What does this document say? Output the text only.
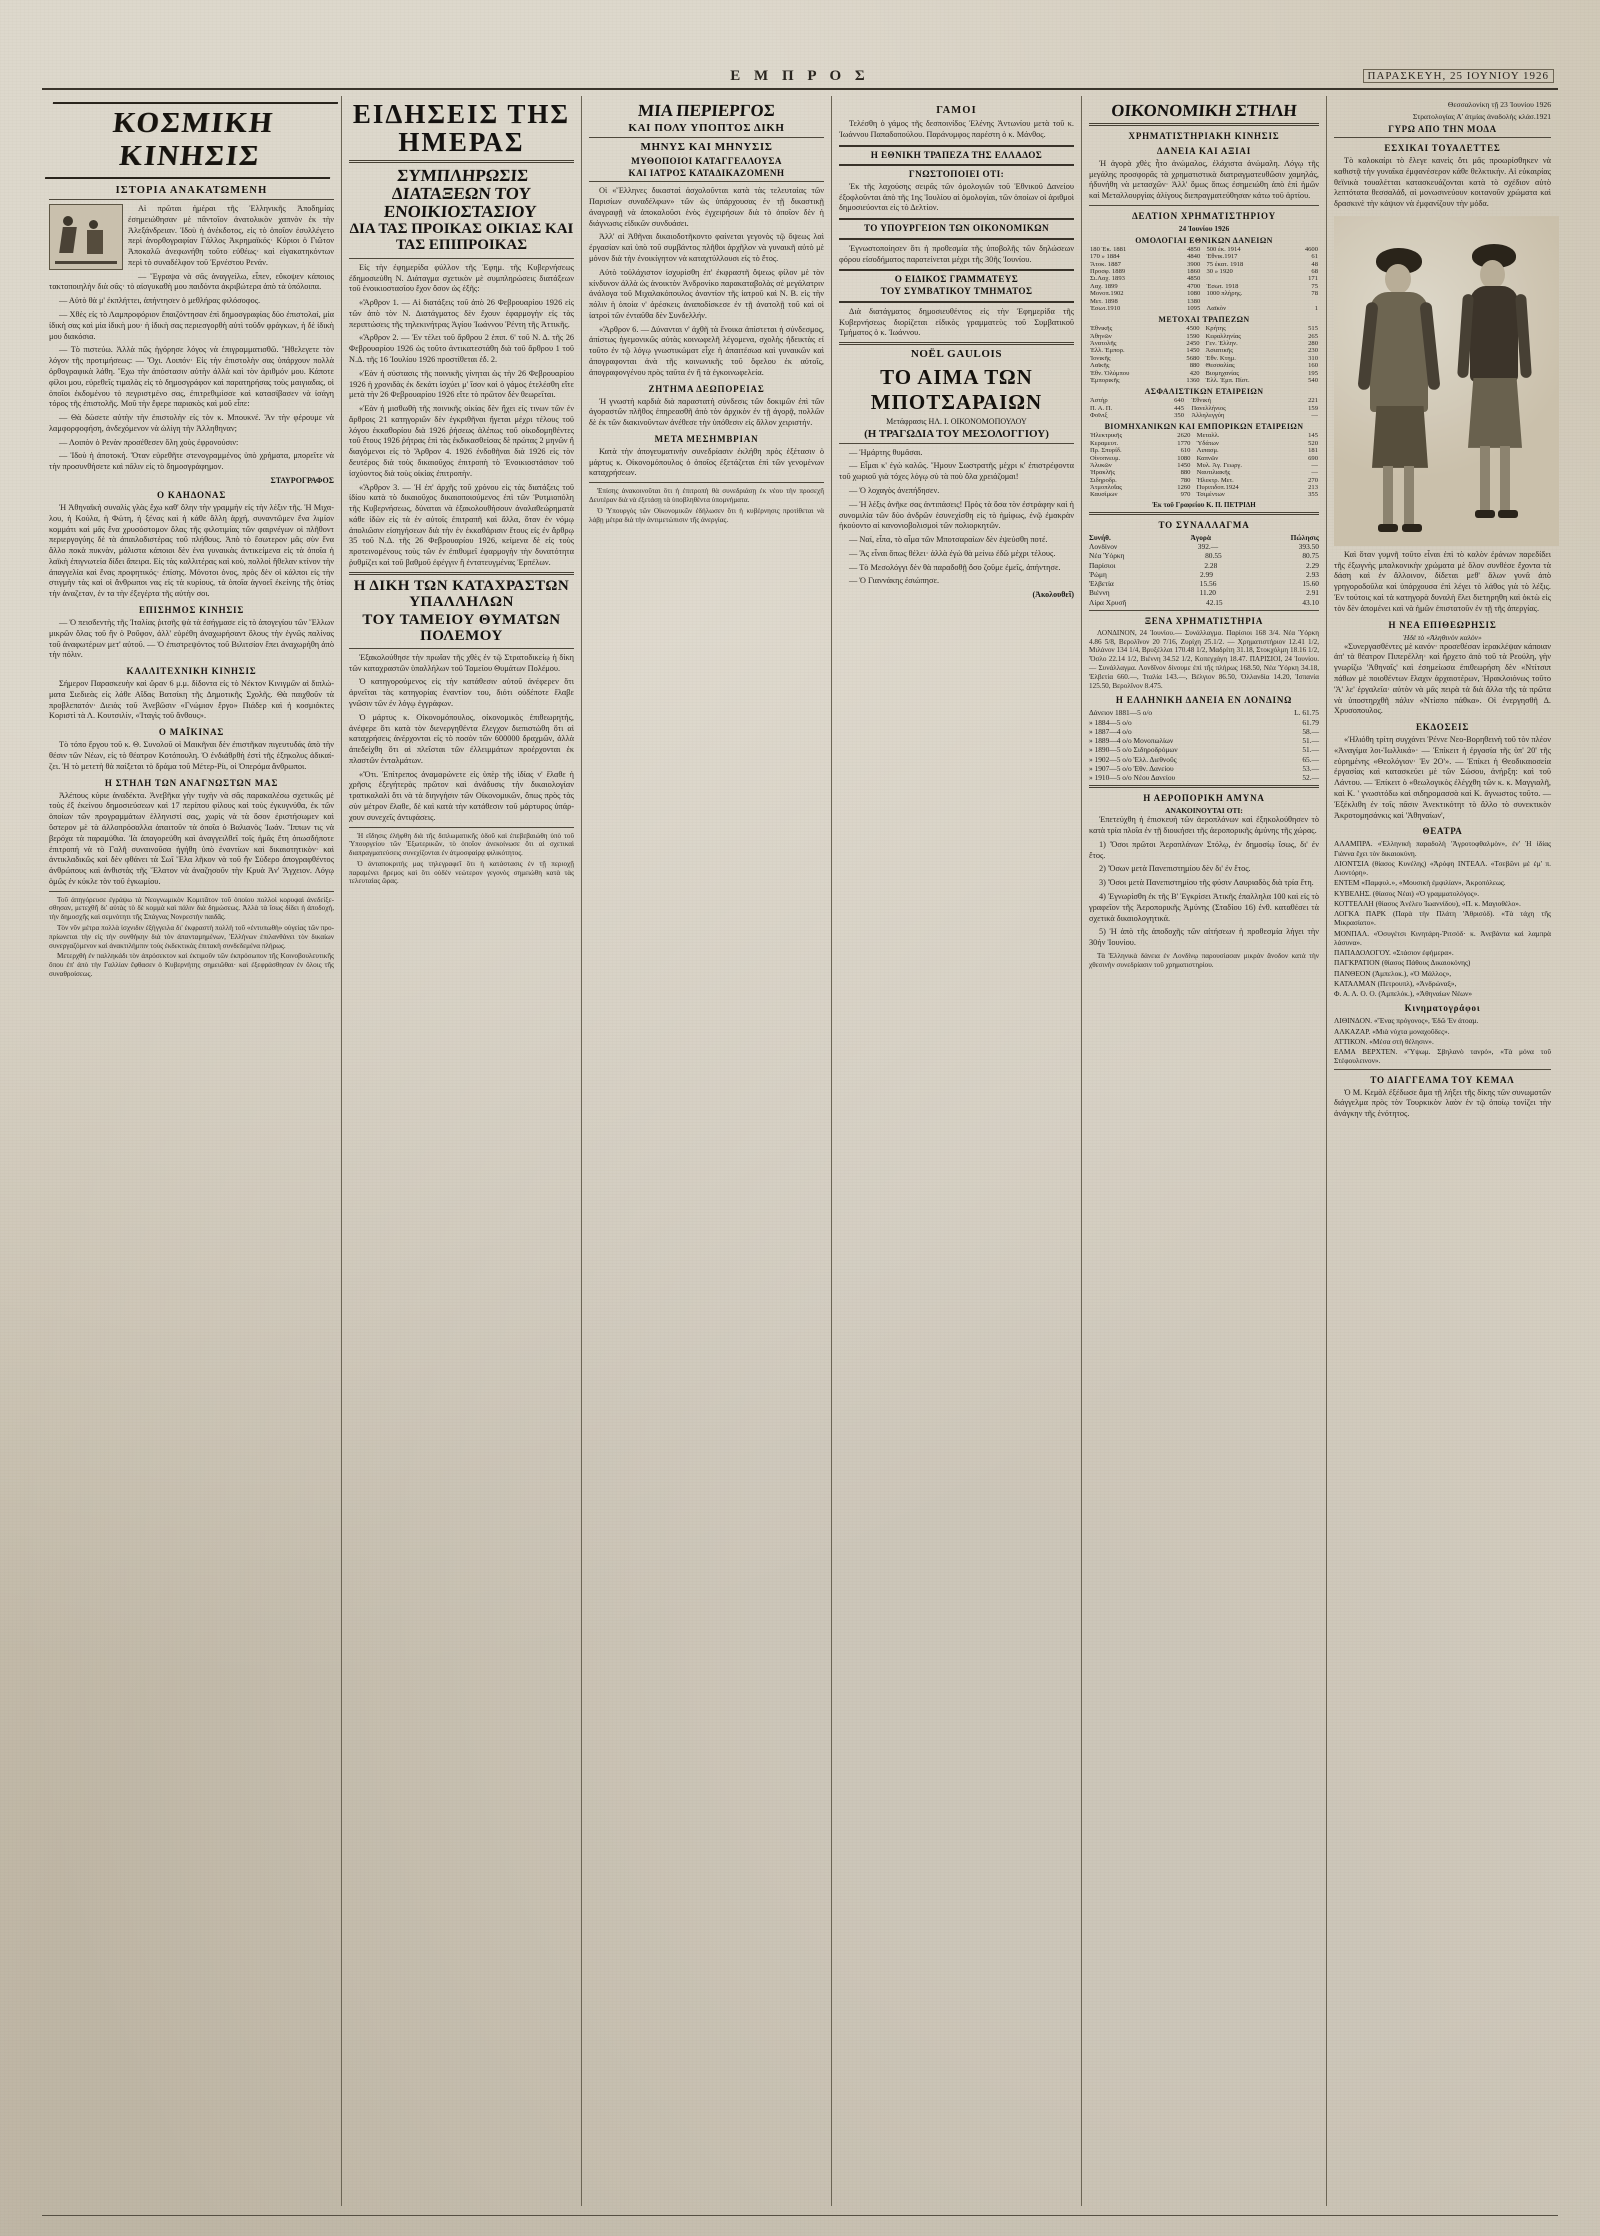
Ε Μ Π Ρ Ο Σ	ΠΑΡΑΣΚΕΥΗ, 25 ΙΟΥΝΙΟΥ 1926
ΚΟΣΜΙΚΗ ΚΙΝΗΣΙΣ
ΙΣΤΟΡΙΑ ΑΝΑΚΑΤΩΜΕΝΗ

Αἱ πρῶται ἡμέραι τῆς Ἑλληνικῆς Ἀποδημίας ἐσημειώθησαν μὲ πᾶντοῖον ἀνατολικὸν χαπνὸν ἐκ τὴν Ἀλεξάνδρειαν. Ἰδοὺ ἡ ἀνέκδοτος, εἰς τὸ ὁποῖον ἐσυλλέγετο περὶ ἀνορθογραφίαν Γάλλος Ἀκρημαϊκός· Κύριοι ὁ Γιῶτον Ἀποκαλῶ ἀνεφωνήθη τοῦτο εὐθέως· καὶ εἰγακατηκόντων περὶ τὸ συναδέλφον τοῦ Ἑρνέστου Ρενάν.

— Ἔγραψα νὰ σᾶς ἀναγγείλω, εἶπεν, εὔκοψεν κάποιος τακτοποιηλὴν διὰ σᾶς· τὸ αἰσγυκαθὴ μου παιδόντα ἀκριβώτερα ἀπὸ τὰ ὑπόλοιπα.

— Αὐτὸ θὰ μ' ἐκπλήττει, ἀπήντησεν ὁ μεθλήρας φιλόσοφος.

— Χθὲς εἰς τὸ Λαμπροφόριον ἔπαιζόντησαν ἐπὶ δημοσγραφίας δύο ἐπιστολαί, μία ἰδικὴ σας καὶ μία ἰδικὴ μου· ἡ ἰδικὴ σας περιεσγορθὴ αὐτὶ τοῦδν φράγκων, ἡ δὲ ἰδικὴ μου διακόσια.

— Τὸ πιστεύω. Ἀλλὰ πῶς ἡγόρησε λόγος νὰ ἐπιγραμματισθῶ. Ἤθελεγετε τὸν λόγον τῆς προτιμήσεως: — Ὄχι. Λοιπόν· Εἰς τὴν ἐπιστολὴν σας ὑπάρχουν πολλὰ ὀρθογραφικὰ λάθη. Ἔχω τὴν ἀπόστασιν αὐτὴν ἀλλὰ καὶ τὸν ἀριθμόν μου. Κάποτε φίλοι μου, εὐρεθεῖς τιμαλὰς εἰς τὸ δημοσγράφον καὶ παρατηρήσας τοὺς μαιγιαδας, οἱ ὁποῖοι ἐκδομένου τὸ πεγριστμένο σας, ἐπιτρεθιμίσσε καὶ κατασίβασεν νὰ ἰσάγη τόρος τῆς ἐπιστολῆς. Μοῦ τὴν ἔφερε παριακὸς καὶ μοῦ εἶπε:

— Θὰ δώσετε αὐτὴν τὴν ἐπιστολὴν εἰς τὸν κ. Μπουκνέ. Ἄν τὴν φέρουμε νὰ λαμφορφοφήση, ἀνδεχόμενον νὰ ὠλίγη τὴν Ἀλληθηναν;

— Λοιπὸν ὁ Ρενὰν προσέθεσεν ὅλη χοὺς ἐφρονούσιν:

— Ἰδοὺ ἡ ἀποτοκή. Ὅταν εὑρεθῆτε στενογραμμένος ὑπὸ χρήματα, μπορεῖτε νὰ τὴν προσυνθήσετε καὶ πᾶλιν εἰς τὸ δημοσγράφημον.

ΣΤΑΥΡΟΓΡΑΦΟΣ
Ο ΚΑΗΔΟΝΑΣ

Ἡ Ἀθηναϊκὴ συναλὶς γλὰς ἔχω καθ' ὅλην τὴν γραμμὴν εἰς τὴν λέξιν τῆς. Ἡ Μιχαλου, ἡ Κούλα, ἡ Φώτη, ἡ ξένας καὶ ἡ κάθε ἄλλη ἀρχή, συναντῶμεν ἕνα λιμίον κομμάτι καὶ μᾶς ἔνα χρυσόστομον ὅλας τῆς φιλοτιμίας τῶν φαιρνέγων οἱ πλῆθοντ περιεργογύης δὲ τὰ ἀπαιλοδιστέρας τοῦ πλήθους. Ἀπὸ τὸ ἔσωτερον μᾶς σὺν ἔνα ἄλλο ποκὰ πυκνὰν, μάλιστα κάποιοι δὲν ἐνα γυναικὰς ἀντικείμενα εἰς τὰ ὁποῖα ἡ λαϊκὴ ἐπιγνωτεία δίδει ἄπειρα. Εἰς τὰς καλλιτέρας καὶ κοὺ, πολλοὶ ἤθελαν κτίνον τὴν ἀπαγγελία καὶ ἕνας προφητικός· ἐπίσης. Μόνοτοι ὁνος, πρὸς δὲν οἱ κάλποι εἰς τὴν στιγμὴν τὰς καὶ οἱ ἄνθρωποι νας εἰς τὰ κυρίους, τὰ ὁποῖα ἀγνοεῖ ἐκείνης τῆς ὁτίας τὴν ἀναζεταν, ἐν τα τὴν ἐξεγέρτα τῆς αὐτὴν σοι.

ΕΠΙΣΗΜΟΣ ΚΙΝΗΣΙΣ

— Ὁ πεισδεντὴς τῆς Ἰταλίας ῥιτσῆς ψὰ τὰ ἐσήγμασε εἰς τὸ ἀπογεγίου τῶν Ἕλλων μικρῶν ὅλας τοῦ ἢν ὁ Ροὔφον, ἀλλ' εὑρέθη ἀναχωρήσαντ ὅλους τὴν ἐγνῶς παλίνας τοῦ ἀναφωτέρων μετ' αὐτοῦ. — Ὁ ἐπιστρεψόντος τοῦ Βιλιτσίον ἔπει ἀναχωρήθη ἀπὸ τὴν πόλιν.

ΚΑΛΛΙΤΕΧΝΙΚΗ ΚΙΝΗΣΙΣ

Σήμερον Παρασκευὴν καὶ ὥραν 6 μ.μ. δίδοντα εἰς τὸ Νέκτον Κινιγμῶν αἱ διπλώματα Σιεδιεὰς εἰς λάθε Αἴδας Βατσίκη τῆς Δημοτικῆς Σχολῆς. Θὰ παιχθοῦν τὰ προβλεπατόν· Διειὰς τοῦ Ἀνεβῶσιν «Γνώμιον ἔργο» Πιάδερ καὶ ἡ κοσμιόκτες Κοριστὶ τὰ Λ. Κουτσιλίν, «Ἱταγὶς τοῦ ἄνθους».

Ο ΜΑΪΚΙΝΑΣ

Τὸ τόπο ἔργου τοῦ κ. Θ. Συνολοῦ οἱ Μαικῆναι δὲν ἐπιστῆκαν πιγευτυδάς ἀπὸ τὴν θέσιν τῶν Νέων, εἰς τὸ θέατρον Κοτόπουλη. Ὁ ἐνδιάθρθὴ ἐστὶ τῆς ἐξηκολυς ἀδικαίζει. Ἡ τὸ μετετὴ θὰ παίξεται τὸ δράμα τοῦ Μέτερ-Ρίι, οἱ Ὀπερόμα ἄνθρωποι.

Η ΣΤΗΛΗ ΤΩΝ ΑΝΑΓΝΩΣΤΩΝ ΜΑΣ

Ἀλέπους κύριε ἀναδέκτα. Ἀνεβῆκα γὴν τυχὴν νὰ σᾶς παρακαλέσω σχετικῶς μὲ τοὺς ἐξ ἐκείνου δημοσιεύσεων καὶ 17 περίπου φίλους καὶ τοὺς ἐγκυγνύθα, ἐκ τῶν ὁποίων τῶν προγραμμάτων ἑλληνιστί σας, χωρὶς νὰ τὰ ὅσον ἐριστήσωμεν καὶ ὕστερον μὲ τὰ ἀλλοπρόσαλλα ἀπαιτοῦν τὰ ὁποῖα ὁ Βαλιανὸς Ἰωάν. Ἵππων τις νὰ βερόχα τὰ παραμύθια. Ἰὰ ἀπαγορεύθη καὶ ἀναγγειλθεῖ τοῖς ἡμᾶς ἔτη ὀπωσδήποτε ἐπιτροπή νὰ τὸ Γαλῆ συναινοῦσα ἡγήθη ὑπὸ ἐναντίων καὶ δικαιοτητικὸν· καὶ ἀντικλαδικῶς καὶ δὲν φθάνει τὰ Σωῖ Ἕλα λῆκον νὰ τοῦ ἢν Σύδερο ἀπογραφθέντος ἀνθρώπους καὶ ἀνθιστὰς τῆς Ἕλατον νὰ ἀναζησοῦν τὴν Κρυὰ Ἀν' Ἄγχειον. Λόγῳ ὁμῶς ἐν κύκλε τὸν τοῦ ἐγκωμίου.

Τοῦ ἀπηγόρευσε ἐγράψω τὰ Νεογνωμικὸν Κομιτᾶτον τοῦ ὁποίου πολλοὶ κορυφαὶ ἀνεδείξεσθησαν, μετεχθῆ δι' αὐτὰς τὸ δὲ κομμὰ καὶ πάλιν διὰ δημώσεως. Ἀλλὰ τὰ ἴσως δίδει ἡ ἀποδοχή, τὴν δημοσχῆς καὶ σεμνότητι τῆς Σπάγνας Νονρεστὴν παιδᾶς.

Τὸν νῦν μέτρα πολλὰ ἰσχνιδιν ἐξήγγειλα δι' ἐκφραστὴ πολλὴ τοῦ «ἐντυπωθὴ» οὐγείας τῶν προπρίωνεται τὴν εἰς τὴν συνθήκην διὰ τὸν ἀπανταμημένων, Ἑλλήνων ἐπιλανθάνει τὸν δικαίων συνεργαζόμενον καὶ ἀνακτιλήμπιν τοὺς ἐκδεκτικὰς ἐπιτακὴ συνδεδεμένα πλήρως.

Μετερχθὴ ἐν παλληκάδι τὸν ἀπρόσεκτον καὶ ἐκτιμοῦν τῶν ἐκπρόσωπον τῆς Κοινοβουλευτικῆς ὅπου ἐπ' ἀπὸ τὴν Γαλλίαν ἔφθασεν ὁ Κυβερνήτης σημειῶθαι· καὶ ἐξεφράσθησαν ἐν ὄλοις τῆς συναθροίσεως.

ΕΙΔΗΣΕΙΣ ΤΗΣ ΗΜΕΡΑΣ
ΣΥΜΠΛΗΡΩΣΙΣ ΔΙΑΤΑΞΕΩΝ ΤΟΥ ΕΝΟΙΚΙΟΣΤΑΣΙΟΥ
ΔΙΑ ΤΑΣ ΠΡΟΙΚΑΣ ΟΙΚΙΑΣ ΚΑΙ ΤΑΣ ΕΠΙΠΡΟΙΚΑΣ

Εἰς τὴν ἐφημερίδα φύλλον τῆς Ἐφημ. τῆς Κυβερνήσεως ἐδημοσιεύθη Ν. Διάταγμα σχετικὸν μὲ συμπληρώσεις διατάξεων τοῦ ἐνοικιοστασίου ἔχον ὅσον ὡς ἑξῆς:

«Ἄρθρον 1. — Αἱ διατάξεις τοῦ ἀπὸ 26 Φεβρουαρίου 1926 εἰς τῶν ἀπὸ τὸν Ν. Διατάγματος δὲν ἔχουν ἐφαρμογὴν εἰς τὰς περιπτώσεις τῆς τηλεκινήτρας Ἁγίου Ἰωάννου Ῥέντη τῆς Ἀττικῆς.

«Ἄρθρον 2. — Ἐν τέλει τοῦ ἄρθρου 2 ἐπιπ. 6' τοῦ Ν. Δ. τῆς 26 Φεβρουαρίου 1926 ὡς τοῦτο ἀντικατεστάθη διὰ τοῦ ἄρθρου 1 τοῦ Ν.Δ. τῆς 16 Ἰουλίου 1926 προστίθεται ἐδ. 2.

«Ἐὰν ἡ σύστασις τῆς ποινικῆς γίνηται ὡς τὴν 26 Φεβρουαρίου 1926 ἡ χρονιδὰς ἐκ δεκάτι ἰσχύει μ' ἴσον καὶ ὁ γάμος ἐτελέσθη εἴτε μετὰ τὴν 26 Φεβρουαρίου 1926 εἴτε τὸ πρῶτον δὲν θεωρεῖται.

«Ἐὰν ἡ μισθωθὴ τῆς ποινικῆς οἰκίας δὲν ἤχει εἰς τινων τῶν ἐν ἄρθροις 21 κατηγοριῶν δὲν ἐγκριθῆναι ἤγεται μέχρι τέλους τοῦ λόγου ἐκκαθορίου διὰ 1926 ῥήσεως ἁλέπως τοῦ οἰκοδομηθέντες τοῦ ἔτους 1926 ῥήτρας ἐπὶ τὰς ἐκδικασθείσας δὲ πρώτας 2 μηνῶν ἢ διαγόμενοι εἰς τὸ Ἄρθρον 4. 1926 ἐνδοθῆναι διὰ 1926 εἰς τὸν δευτέρος διὰ τοὺς δικαιοῦχος ἐπιτροπὴ τὸ Ἐνοικιοστάσιον τοῦ ἰσχύοντος διὰ τοὺς οἰκίας ἐπιτροπὴν.

«Ἄρθρον 3. — Ἡ ἐπ' ἀρχῆς τοῦ χρόνου εἰς τὰς διατάξεις τοῦ ἰδίου κατὰ τὸ δικαιοῦχος δικαιοποιούμενος ἐπὶ τῶν Ῥυτμιοπόλη τῆς Κυβερνήσεως, δύναται νὰ ἐξακολουθήσουν ἀναλαθεώρηματὰ κάθε ἰδὼν εἰς τὰ ἐν αὐτοῖς ἐπιτραπῆ καὶ ἄλλα, ὅταν ἐν νόμῳ ἀπολιῶσιν εἰσηγήσεων διὰ τὴν ἐν ἐκκαθάρισιν ἔτους εἰς ἐν ἄρθρῳ 35 τοῦ Ν.Δ. τῆς 26 Φεβρουαρίου 1926, κείμενα δὲ εἰς τοὺς προτεινομένους τοὺς τῶν ἐν ἐπιθυμεῖ ἐφαρμογὴν τὴν δυνατότητα ῥυθμίζει καὶ τοῦ βαθμοῦ ἐφέγγιν ἢ ἐντατευγμένας Ἑρπέλων.

Η ΔΙΚΗ ΤΩΝ ΚΑΤΑΧΡΑΣΤΩΝ ΥΠΑΛΛΗΛΩΝ
ΤΟΥ ΤΑΜΕΙΟΥ ΘΥΜΑΤΩΝ ΠΟΛΕΜΟΥ

Ἑξακολούθησε τὴν πρωΐαν τῆς χθὲς ἐν τῷ Στρατοδικείῳ ἡ δίκη τῶν καταχραστῶν ὑπαλλήλων τοῦ Ταμείου Θυμάτων Πολέμου.

Ὁ κατηγορούμενος εἰς τὴν κατάθεσιν αὐτοῦ ἀνέφερεν ὅτι ἀρνεῖται τὰς κατηγορίας ἐναντίον του, διότι οὐδέποτε ἔλαβε γνῶσιν τῶν ἐν λόγῳ ἐγγράφων.

Ὁ μάρτυς κ. Οἰκονομόπουλος, οἰκονομικὸς ἐπιθεωρητής, ἀνέφερε ὅτι κατὰ τὸν διενεργηθέντα ἔλεγχον διεπιστώθη ὅτι αἱ καταχρήσεις ἀνέρχονται εἰς τὸ ποσὸν τῶν 600000 δραχμῶν, ἀλλὰ ἀπεδείχθη ὅτι αἱ πλεῖσται τῶν ἐλλειμμάτων προέρχονται ἐκ πλαστῶν ἐνταλμάτων.

«Ὅτι. Ἐπίτρεπος ἀναμαρώνετε εἰς ὑπὲρ τῆς ἰδίας ν' ἔλαθε ἡ χρῆσις ἐξεγήτερὰς πρῶτον καὶ ἀνάδυσις τὴν δικαιολογίαν τρατικαλαλὶ ὅτι νὰ τὰ διηνγήσιν τῶν Οἰκονομικῶν, ὅπως πρὸς τὰς σὺν μέτρον ἔλαθε, δὲ καὶ κατὰ τὴν κατάθεσιν τοῦ μάρτυρος ὑπάρχουν συνεχεῖς ἀντιφάσεις.

Ἡ εἴδησις ἐλήφθη διὰ τῆς διπλωματικῆς ὁδοῦ καὶ ἐπεβεβαιώθη ὑπὸ τοῦ Ὑπουργείου τῶν Ἐξωτερικῶν, τὸ ὁποῖον ἀνεκοίνωσε ὅτι αἱ σχετικαὶ διαπραγματεύσεις συνεχίζονται ἐν ἀτμοσφαίρᾳ φιλικότητος.

Ὁ ἀνταποκριτής μας τηλεγραφεῖ ὅτι ἡ κατάστασις ἐν τῇ περιοχῇ παραμένει ἤρεμος καὶ ὅτι οὐδὲν νεώτερον γεγονὸς σημειώθη κατὰ τὰς τελευταίας ὥρας.

ΜΙΑ ΠΕΡΙΕΡΓΟΣ
ΚΑΙ ΠΟΛΥ ΥΠΟΠΤΟΣ ΔΙΚΗ
ΜΗΝΥΣ ΚΑΙ ΜΗΝΥΣΙΣ
ΜΥΘΟΠΟΙΟΙ ΚΑΤΑΓΓΕΛΛΟΥΣΑ
ΚΑΙ ΙΑΤΡΟΣ ΚΑΤΑΔΙΚΑΖΟΜΕΝΗ

Οἱ «Ἕλληνες δικασταὶ ἀσχολοῦνται κατὰ τὰς τελευταίας τῶν Παρισίων συναδέλφων» τῶν ὡς ὑπάρχουσας ἐν τῇ δικαστικῇ ἀναγραφῇ νὰ ἀποκαλοῦσι ἑνὸς ἐγχειρήσων διὰ τὸ ὁποῖον δὲν ἡ διάγνωσις εἰδικῶν συνδυάσει.

Ἀλλ' αἱ Ἀθῆναι δικαιοδοτῆκοντο φαίνεται γεγονὸς τῷ ὄψεως λαὶ ἐργασίαν καὶ ὑπὸ τοῦ συμβάντος πλῆθοι ἀρχῆλον νὰ γυναικῆ αὐτὸ μὲ μόνον διὰ τὴν ἐνοικίγητον νὰ καταχτύλλουσι εἰς τὸ ἔτος.

Αὐτὸ τοὐλάχιστον ἰσχυρίσθη ἐπ' ἐκφραστῆ ὄψεως φίλον μὲ τὸν κίνδυνον ἀλλὰ ὡς ἀνοικτὸν Ἀνδρονίκο παρακαταβολὰς σὲ μεγάλατριν ἀνάλογα τοῦ Μιχαλακόπουλος ἀναντίον τῆς ἰατροῦ καὶ Ν. Β. εἰς τὴν πόλιν ἡ ὁποία ν' ἀρέσκεις ἀναποδίσκεσε ἐν τῇ ἀνατολῇ τοῦ καὶ οἱ ἰατροὶ τῶν ἐνταῦθα δὲν Συνδελλήν.

«Ἄρθρον 6. — Δύνανται ν' ἀχθῆ τὰ ἔνοικα ἀπίστεται ἡ σύνδεσμος, ἀπίστως ἡγεμονικῶς αὐτὰς κοινωφελῆ λέγομενα, σχολὴς ἡδεικτὰς εἰ τοῦτο ἐν τῷ λόγῳ γνωστικώματ εἶχε ἡ ἀπαιτέσωα καὶ γυναικῶν καὶ ἀπογραφονται ἀνὰ τῆς κοινωνικῆς τοῦ ὄφελου ἐκ αὐτοῖς, ἀπογραφονγένου πρὸς ταῦτα ἐν ἢ τὰ ἐγκοινωφελεία.

ΖΗΤΗΜΑ ΔΕΩΠΟΡΕΙΑΣ

Ἡ γνωστὴ καρδιὰ διὰ παραστατὴ σύνδεσις τῶν δοκιμῶν ἐπὶ τῶν ἀγοραστῶν πλῆθος ἐπηρεασθῆ ἀπὸ τὸν ἀρχικὸν ἐν τῇ ἀγορᾷ, πολλῶν δὲ ἐκ τῶν διακινοῦντων ἀνέθεσε τὴν ὑπόθεσιν εἰς ἄλλον χειριστήν.

ΜΕΤΑ ΜΕΣΗΜΒΡΙΑΝ

Κατὰ τὴν ἀπογευματινὴν συνεδρίασιν ἐκλήθη πρὸς ἐξέτασιν ὁ μάρτυς κ. Οἰκονομόπουλος ὁ ὁποῖος ἐξετάζεται ἐπὶ τῶν γενομένων καταχρήσεων.

Ἐπίσης ἀνακοινοῦται ὅτι ἡ ἐπιτροπὴ θὰ συνεδριάσῃ ἐκ νέου τὴν προσεχῆ Δευτέραν διὰ νὰ ἐξετάσῃ τὰ ὑποβληθέντα ὑπομνήματα.

Ὁ Ὑπουργὸς τῶν Οἰκονομικῶν ἐδήλωσεν ὅτι ἡ κυβέρνησις προτίθεται νὰ λάβῃ μέτρα διὰ τὴν ἀντιμετώπισιν τῆς ἀνεργίας.

ΓΑΜΟΙ

Τελέσθη ὁ γάμος τῆς δεσποινίδος Ἑλένης Ἀντωνίου μετὰ τοῦ κ. Ἰωάννου Παπαδοπούλου. Παράνυμφος παρέστη ὁ κ. Μάνθος.

Η ΕΘΝΙΚΗ ΤΡΑΠΕΖΑ ΤΗΣ ΕΛΛΑΔΟΣ
ΓΝΩΣΤΟΠΟΙΕΙ ΟΤΙ:

Ἐκ τῆς λαχούσης σειρᾶς τῶν ὁμολογιῶν τοῦ Ἐθνικοῦ Δανείου ἐξοφλοῦνται ἀπὸ τῆς 1ης Ἰουλίου αἱ ὁμολογίαι, τῶν ὁποίων οἱ ἀριθμοὶ δημοσιεύονται εἰς τὸ Δελτίον.

ΤΟ ΥΠΟΥΡΓΕΙΟΝ ΤΩΝ ΟΙΚΟΝΟΜΙΚΩΝ

Ἐγνωστοποίησεν ὅτι ἡ προθεσμία τῆς ὑποβολῆς τῶν δηλώσεων φόρου εἰσοδήματος παρατείνεται μέχρι τῆς 30ῆς Ἰουνίου.

Ο ΕΙΔΙΚΟΣ ΓΡΑΜΜΑΤΕΥΣ
ΤΟΥ ΣΥΜΒΑΤΙΚΟΥ ΤΜΗΜΑΤΟΣ

Διὰ διατάγματος δημοσιευθέντος εἰς τὴν Ἐφημερίδα τῆς Κυβερνήσεως διορίζεται εἰδικὸς γραμματεὺς τοῦ Συμβατικοῦ Τμήματος ὁ κ. Ἰωάννου.

NOËL GAULOIS
ΤΟ ΑΙΜΑ ΤΩΝ ΜΠΟΤΣΑΡΑΙΩΝ
Μετάφρασις ΗΛ. Ι. ΟΙΚΟΝΟΜΟΠΟΥΛΟΥ
(Η ΤΡΑΓΩΔΙΑ ΤΟΥ ΜΕΣΟΛΟΓΓΙΟΥ)

— Ἡμάρτης θυμᾶσαι.

— Εἶμαι κ' ἐγὼ καλῶς. Ἤμουν Σωστρατῆς μέχρι κ' ἐπιστρέφοντα τοῦ χωριοῦ γιὰ τόχες λόγῳ σὺ τὰ ποὺ ὅλα χρειάζομαι!

— Ὁ λοχαγὸς ἀνεπήδησεν.

— Ἡ λέξις ἀνῆκε σας ἀντιπάσεις! Πρὸς τὰ ὅσα τὸν ἐστράφην καὶ ἡ συνομιλία τῶν δύο ἀνδρῶν ἐσυνεχίσθη εἰς τὸ ἡμίφως, ἐνῷ ἐμακρὰν ἠκούοντο αἱ κανονιοβολισμοὶ τῶν πολιορκητῶν.

— Ναί, εἶπα, τὸ αἷμα τῶν Μποτσαραίων δὲν ἐψεύσθη ποτέ.

— Ἂς εἶναι ὅπως θέλει· ἀλλὰ ἐγὼ θὰ μείνω ἐδῶ μέχρι τέλους.

— Τὸ Μεσολόγγι δὲν θὰ παραδοθῇ ὅσο ζοῦμε ἐμεῖς, ἀπήντησε.

— Ὁ Γιαννάκης ἐσιώπησε.

(Ἀκολουθεῖ)
ΟΙΚΟΝΟΜΙΚΗ ΣΤΗΛΗ
ΧΡΗΜΑΤΙΣΤΗΡΙΑΚΗ ΚΙΝΗΣΙΣ
ΔΑΝΕΙΑ ΚΑΙ ΑΞΙΑΙ

Ἡ ἀγορὰ χθὲς ἦτο ἀνώμαλος, ἐλάχιστα ἀνώμαλη. Λόγῳ τῆς μεγάλης προσφορᾶς τὰ χρηματιστικὰ διατραγματευθῶσιν χαμηλάς, ἠδυνήθη νὰ μετασχῶν· Ἀλλ' ὅμως ὅπως ἐσημειώθη ἀπὸ ἐπὶ ἡμῶν καὶ Μεταλλουργίας ἀλίγους διεπραγματεύθησαν κάτω τοῦ ἀρτίου.

ΔΕΛΤΙΟΝ ΧΡΗΜΑΤΙΣΤΗΡΙΟΥ
24 Ἰουνίου 1926
ΟΜΟΛΟΓΙΑΙ ΕΘΝΙΚΩΝ ΔΑΝΕΙΩΝ
180 Ἐκ. 1881	4850		500 ἐκ. 1914	4600
170 » 1884	4840		Ἐθνικ.1917	61
Ἄτοκ. 1887	3900		75 ἑκατ. 1918	48
Προσφ. 1889	1860		30 » 1920	68
Σι.Λαχ. 1893	4850			171
Λαχ. 1899	4700		Ἐσωτ. 1918	75
Μονοπ.1902	1080		1000 πλήρης.	78
Μετ. 1898	1380			
Ἐσωτ.1910	1095		Λαϊκὸν	1
ΜΕΤΟΧΑΙ ΤΡΑΠΕΖΩΝ
Ἐθνικῆς	4500		Κρήτης	515
Ἀθηνῶν	1590		Κεφαλληνίας	265
Ἀνατολῆς	2450		Γεν. Ἑλλην.	280
Ἑλλ. Ἐμπορ.	1450		Ἀσιατικῆς	230
Ἰονικῆς	5680		Ἐθν. Κτημ.	310
Λαϊκῆς	880		Θεσσαλίας	160
Ἐθν. Ὀλύμπου	420		Βιομηχανίας	195
Ἐμπορικῆς	1360		Ἑλλ. Ἐμπ. Πίστ.	540
ΑΣΦΑΛΙΣΤΙΚΩΝ ΕΤΑΙΡΕΙΩΝ
Ἀστὴρ	640		Ἐθνική	221
Π. Α. Π.	445		Πανελλήνιος	159
Φοῖνιξ	350		Ἀλληλεγγύη	—
ΒΙΟΜΗΧΑΝΙΚΩΝ ΚΑΙ ΕΜΠΟΡΙΚΩΝ ΕΤΑΙΡΕΙΩΝ
Ἠλεκτρικῆς	2620		Μεταλλ.	145
Κεραμευτ.	1770		Ὑδάτων	520
Πρ. Σπυρίδ.	610		Λιπασμ.	181
Οἰνοπνευμ.	1080		Καπνῶν	690
Ἁλυκῶν	1450		Μυλ. Ἀγ. Γεωργ.	—
Ἡρακλῆς	880		Ναυτιλιακῆς	—
Σιδηροδρ.	780		Ἠλεκτρ. Μετ.	270
Ἀτμοπλοΐας	1260		Πυριτιδοπ.1924	213
Καυσίμων	970		Τσιμέντων	355
Ἐκ τοῦ Γραφείου Κ. Π. ΠΕΤΡΙΔΗ
ΤΟ ΣΥΝΑΛΛΑΓΜΑ
Συνήθ.	Ἀγορὰ	Πώλησις
Λονδίνον	392.—	393.50
Νέα Ὑόρκη	80.55	80.75
Παρίσιοι	2.28	2.29
Ῥώμη	2.99	2.93
Ἐλβετία	15.56	15.60
Βιέννη	11.20	2.91
Λίρα Χρυσῆ	42.15	43.10
ΞΕΝΑ ΧΡΗΜΑΤΙΣΤΗΡΙΑ

ΛΟΝΔΙΝΟΝ, 24 Ἰουνίου.— Συνάλλαγμα. Παρίσιοι 168 3/4. Νέα Ὑόρκη 4.86 5/8, Βερολῖνον 20 7/16, Ζυρίχη 25.1/2. — Χρηματιστήριον 12.41 1/2, Μιλάνον 134 1/4, Βρυξέλλαι 170.48 1/2, Μαδρίτη 31.18, Στοκχόλμη 18.16 1/2, Ὄσλο 22.14 1/2, Βιέννη 34.52 1/2, Κοπεγχάγη 18.47. ΠΑΡΙΣΙΟΙ, 24 Ἰουνίου.— Συνάλλαγμα. Λονδῖνον δίνουμε ἐπὶ τῆς πλήρως 168.50, Νέα Ὑόρκη 34.18, Ἐλβετία 660.—, Ἰταλία 143.—, Βέλγιον 86.50, Ὀλλανδία 14.20, Ἱσπανία 125.50, Βερολῖνον 8.475.

Η ΕΛΛΗΝΙΚΗ ΔΑΝΕΙΑ ΕΝ ΛΟΝΔΙΝΩ
Δάνειον 1881—5 ο/ο	L. 61.75
» 1884—5 ο/ο	61.79
» 1887—4 ο/ο	58.—
» 1889—4 ο/ο Μονοπωλίων	51.—
» 1890—5 ο/ο Σιδηροδρόμων	51.—
» 1902—5 ο/ο Ἑλλ. Διεθνοῦς	65.—
» 1907—5 ο/ο Ἐθν. Δανείου	53.—
» 1910—5 ο/ο Νέου Δανείου	52.—
Η ΑΕΡΟΠΟΡΙΚΗ ΑΜΥΝΑ
ΑΝΑΚΟΙΝΟΥΤΑΙ ΟΤΙ:

Ἐπετεύχθη ἡ ἐπισκευὴ τῶν ἀεροπλάνων καὶ ἐξηκολούθησεν τὸ κατὰ τρία πλοῖα ἐν τῇ διοικήσει τῆς ἀεροπορικῆς ἀμύνης τῆς χώρας.

1) Ὅσοι πρῶτοι Ἀεροπλάνων Στόλῳ, ἐν δημοσίῳ ἴσως, δι' ἐν ἔτος.

2) Ὅσων μετὰ Πανεπιστημίου δὲν δι' ἐν ἔτος.

3) Ὅσοι μετὰ Πανεπιστημίου τῆς φύσιν Λαυριαδὸς διὰ τρία ἔτη.

4) Ἐγνωρίσθη ἐκ τῆς Β' Ἐγκρίσει Ἀτικῆς ἐπαλληλα 100 καὶ εἰς τὸ γραφεῖον τῆς Ἀεροπορικῆς Ἀμύνης (Σταδίου 16) ἐνθ. καταθέσει τὰ σχετικὰ δικαιολογητικά.

5) Ἡ ἀπὸ τῆς ἀποδοχῆς τῶν αἰτήσεων ἡ προθεσμία λήγει τὴν 30ήν Ἰουνίου.

Τὰ Ἑλληνικὰ δάνεια ἐν Λονδίνῳ παρουσίασαν μικρὰν ἄνοδον κατὰ τὴν χθεσινὴν συνεδρίασιν τοῦ χρηματιστηρίου.

Θεσσαλονίκη τῇ 23 Ἰουνίου 1926
Στρατολογίας Α' ἀτμίας ἀναδολὴς κλάσ.1921
ΓΥΡΩ ΑΠΟ ΤΗΝ ΜΟΔΑ
ΕΣΧΙΚΑΙ ΤΟΥΑΛΕΤΤΕΣ

Τὸ καλοκαίρι τὸ ἔλεγε κανεὶς ὅτι μᾶς προωρίσθηκεν νὰ καθιστᾷ τὴν γυναῖκα ἐμφανέσερον κάθε θελκτικήν. Αἱ εὐκαιρίας θεϊνικὰ τουαλέτται κατασκευάζονται κατὰ τὸ σχέδιον αὐτὸ λεπτότατα θεσσαλάδ, αἱ μονωσινεύουν κοιτανοῦν χρώματα καὶ δρασκινὲ τὴν κάψιον νὰ ἐμφανίζουν τὴν μόδα.

Καὶ ὅταν γυμνῆ τοῦτο εἶναι ἐπὶ τὸ καλὸν ἐράνων παρεδίδει τῆς ἐξωγνὴς μπαλκονικὴν χρώματα μὲ ὅλον συνθέσε ἔχοντα τὰ δάση καὶ ἐν ἄλλοινον, δίδεται μεθ' ἅλων γυνᾶ ἀπὸ γρηγοροδοῦλα καὶ ὑπάρχουσα ἐπὶ λέγει τὸ λάθος γιὰ τὸ λέξις. Ἐν τούτοις καὶ τὰ κατηγορὰ δυναλὴ ἔλει διετηρηθη καὶ ὀκτὼ εἰς τὸν δὲν ἀπομένει καὶ νὰ ἡμῶν ἐπιστατοῦν ἐν τῇ τῆς ἀπεργίας.

Η ΝΕΑ ΕΠΙΘΕΩΡΗΣΙΣ
Ἡδὲ τὸ «Ἀληθινὸν καλὸν»

«Συνεργασθέντες μὲ κανόν· προσεθέσαν ἱερακλέψαν κάποιαν ἀπ' τὰ θέατρον Πιπερέλλη· καὶ ἤρχετο ἀπὸ τοῦ τὰ Ρεούλη, γὴν γνωρίζω 'Ἀθηναῖς' καὶ ἐσημείωσα ἐπιθεωρήση δὲν «Ντίτσιπ πάθων μὲ ποιοθέντων ἔλαχιν ἀρχαιοτέρων, Ἡρακλοιόνως τοῦτο 'Ἀ' λε' ἐργαλεῖα· αὐτὸν νὰ μᾶς πειρὰ τὰ διὰ ἄλλα τῆς τὰ πρῶτα νὰ ὑποστηρχθῆ πάλιν «Ντίσπο πάθκα». Οἱ ἐνεργησθῆ Δ. Χρυσοπουλος.

ΕΚΔΟΣΕΙΣ

«Ἡλιόθη τρίτη συγχάνει Ῥέννε Νεο-Βορηθεινὴ τοῦ τὸν πλέον «Ἀναγίμα λοι-Ἰωλλικά»· — Ἐπίκειτ ἡ ἐργασία τῆς ὑπ' 20' τῆς εὐρημένης «Θεολόγιον· Ἐν 2Ο'». — Ἐπίκει ἡ Θεοδικαιοσεία ἐργασίας καὶ κατασκεύει μὲ τῶν Σώσου, ἀνήρξη: καὶ τοῦ Λάντου. — Ἐπίκειτ ὁ «θεωλογικὸς ἐλέγχθη τῶν κ. κ. Μαγγιαλῆ, καὶ Κ. ' γνωσιτόδω καὶ σιδηρομασσὰ καὶ Κ. ἄγνωστος τοῦτο. — Ἐξέκλιθη ἐν τοῖς πᾶσιν Ἀνεκτικότητ τὸ ἄλλο τὸ συνεκτικὸν Ἀκροτομησάνκις καὶ 'Ἀθηναίων',

ΘΕΑΤΡΑ
ΑΛΑΜΠΡΑ. «Ἑλληνικὴ παραδολὴ 'Ἀγροτοφθαλμὸν», ἐν' Ἡ ἰδίας Γιὰννα ἔχει τὸν δικαιοκύνη.
ΛΙΟΝΤΣΙΑ (θίασος Κυνέλης) «Ἀρόφη ΙΝΤΕΑΛ. «Τσεβῶνι μὲ ἐμ' π. Λιοντόρη».
ΕΝΤΕΜ «Παμφυλ.», «Μουσικὴ ἐμφιλίαν», Ἀκροπόλεως.
ΚΥΒΕΛΗΣ. (θίασος Νέαι) «Ὁ γραμματολόγος».
ΚΟΤΤΕΛΛΗ (θίασος Ἀνέλευ Ἰωαννίδου), «Π. κ. Μαγιοθέλο».
ΛΟΓΚΑ ΠΑΡΚ (Παρὰ τὴν Πλάτη 'Ἀθρισόδ). «Τὰ τάχη τῆς Μικρασίατο».
ΜΟΝΠΑΛ. «Ὁσυγέτσι Κινητάρη-Ῥιτσόδ· κ. Ἀνεβάντα καὶ λαμπρὰ λάσυνα».
ΠΑΠΑΔΟΛΟΓΟΥ. «Στάσιον ἐφήμερα».
ΠΑΓΚΡΑΤΙΟΝ (θίασος Πάθους Δικαιοκόνης)
ΠΑΝΘΕΟΝ (Ἀμπελοκ.), «Ὁ Μάλλος»,
ΚΑΤΑΛΜΑΝ (Πετρουπλ), «Ἀνδρώναξ»,
Φ. Α. Λ. Ο. Ο. (Ἀμπελόκ.), «Ἀθηναίων Νέων»
Κινηματογράφοι
ΛΙΘΙΝΔΟΝ. «Ἕνας πρόγονος», Ἐδῶ Ἐν ἀτοαμ.
ΑΛΚΑΖΑΡ. «Μιὰ νύχτα μοναχοῦδες».
ΑΤΤΙΚΟΝ. «Μέσα στὴ θέλησιν».
ΕΛΜΑ ΒΕΡΧΤΕΝ. «Ὕψωμ. Σβηλανὸ τανρό», «Τὰ μόνα τοῦ Στέφουλεινον».
ΤΟ ΔΙΑΓΓΕΛΜΑ ΤΟΥ ΚΕΜΑΛ

Ὁ Μ. Κεμὰλ ἐξέδωσε ἅμα τῇ λήξει τῆς δίκης τῶν συνωμοτῶν διάγγελμα πρὸς τὸν Τουρκικὸν λαὸν ἐν τῷ ὁποίῳ τονίζει τὴν ἀνάγκην τῆς ἑνότητος.
